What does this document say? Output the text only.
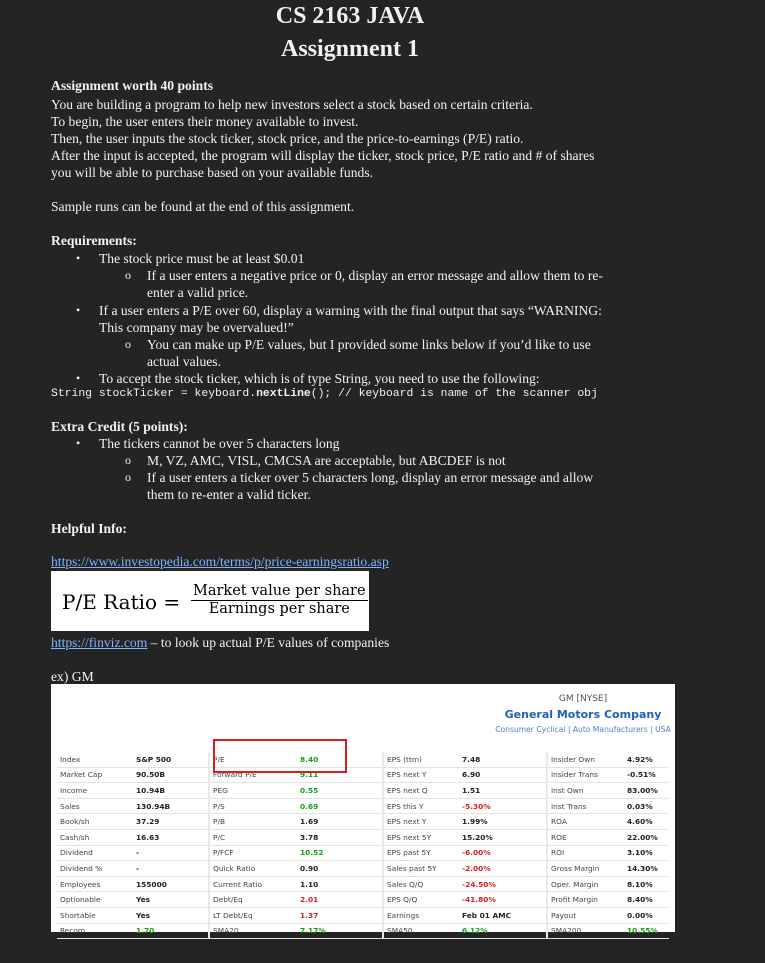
CS 2163 JAVA
Assignment 1
Assignment worth 40 points
You are building a program to help new investors select a stock based on certain criteria.
To begin, the user enters their money available to invest.
Then, the user inputs the stock ticker, stock price, and the price-to-earnings (P/E) ratio.
After the input is accepted, the program will display the ticker, stock price, P/E ratio and # of shares
you will be able to purchase based on your available funds.
Sample runs can be found at the end of this assignment.
Requirements:
• The stock price must be at least $0.01
o If a user enters a negative price or 0, display an error message and allow them to re-
enter a valid price.
• If a user enters a P/E over 60, display a warning with the final output that says “WARNING:
This company may be overvalued!”
o You can make up P/E values, but I provided some links below if you’d like to use
actual values.
• To accept the stock ticker, which is of type String, you need to use the following:
String stockTicker = keyboard.nextLine(); // keyboard is name of the scanner obj
Extra Credit (5 points):
• The tickers cannot be over 5 characters long
o M, VZ, AMC, VISL, CMCSA are acceptable, but ABCDEF is not
o If a user enters a ticker over 5 characters long, display an error message and allow
them to re-enter a valid ticker.
Helpful Info:
https://www.investopedia.com/terms/p/price-earningsratio.asp
P/E Ratio = Market value per share
Earnings per share
https://finviz.com – to look up actual P/E values of companies
ex) GM
GM [NYSE]
General Motors Company
Consumer Cyclical | Auto Manufacturers | USA
Index	S&P 500	P/E	8.40	EPS (ttm)	7.48	Insider Own	4.92%
Market Cap	90.50B	Forward P/E	9.11	EPS next Y	6.90	Insider Trans	-0.51%
Income	10.94B	PEG	0.55	EPS next Q	1.51	Inst Own	83.00%
Sales	130.94B	P/S	0.69	EPS this Y	-5.30%	Inst Trans	0.03%
Book/sh	37.29	P/B	1.69	EPS next Y	1.99%	ROA	4.60%
Cash/sh	16.63	P/C	3.78	EPS next 5Y	15.20%	ROE	22.00%
Dividend	-	P/FCF	10.52	EPS past 5Y	-6.00%	ROI	3.10%
Dividend %	-	Quick Ratio	0.90	Sales past 5Y	-2.00%	Gross Margin	14.30%
Employees	155000	Current Ratio	1.10	Sales Q/Q	-24.50%	Oper. Margin	8.10%
Optionable	Yes	Debt/Eq	2.01	EPS Q/Q	-41.80%	Profit Margin	8.40%
Shortable	Yes	LT Debt/Eq	1.37	Earnings	Feb 01 AMC	Payout	0.00%
Recom	1.70	SMA20	7.17%	SMA50	6.12%	SMA200	10.55%
